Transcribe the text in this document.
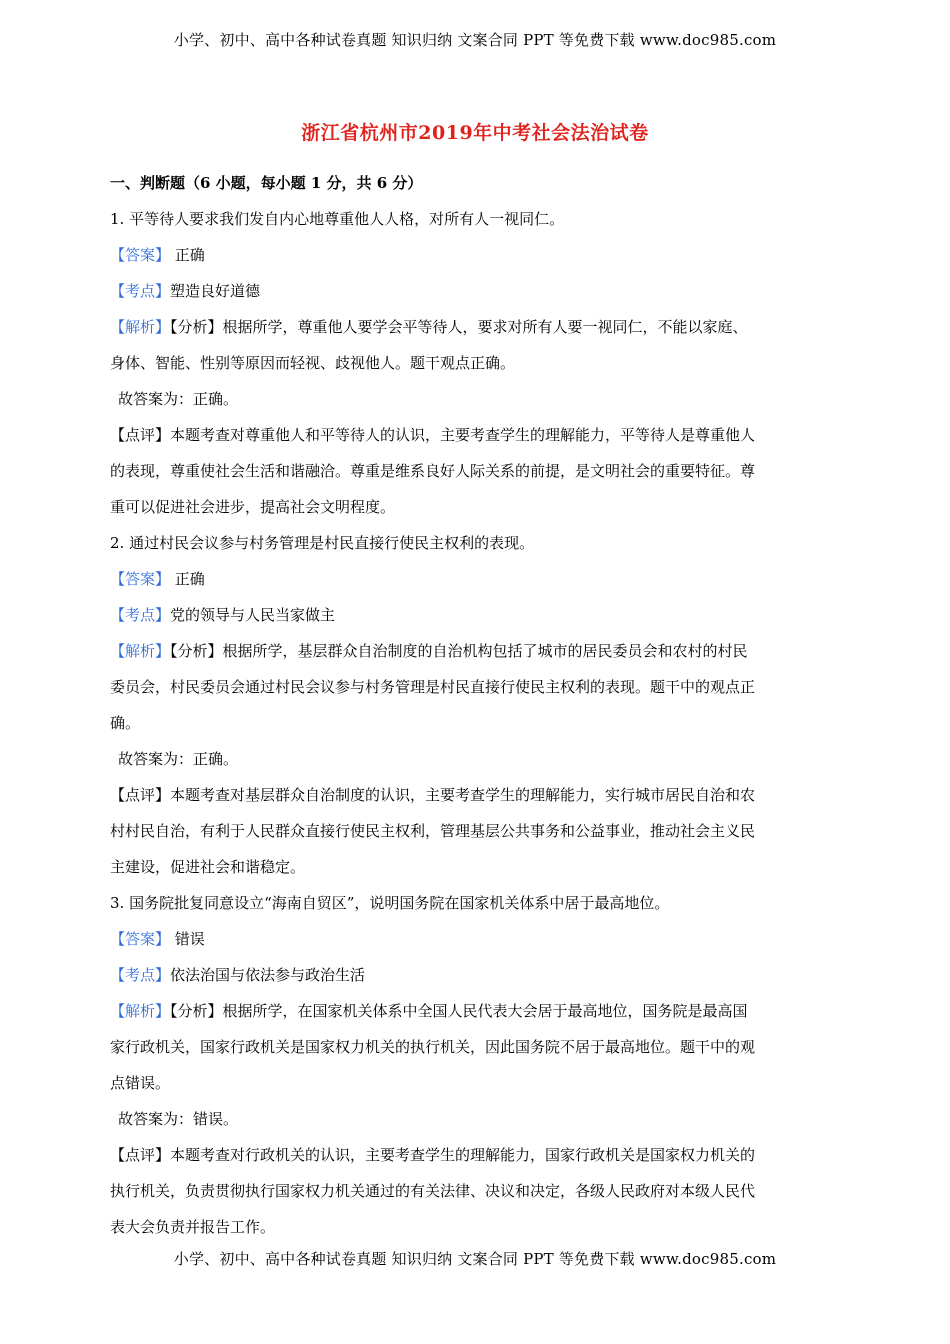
小学、初中、高中各种试卷真题 知识归纳 文案合同 PPT 等免费下载 www.doc985.com
浙江省杭州市2019年中考社会法治试卷
一、判断题（6 小题，每小题 1 分，共 6 分）
1. 平等待人要求我们发自内心地尊重他人人格，对所有人一视同仁。
【答案】 正确
【考点】塑造良好道德
【解析】【分析】根据所学，尊重他人要学会平等待人，要求对所有人要一视同仁，不能以家庭、
身体、智能、性别等原因而轻视、歧视他人。题干观点正确。
故答案为：正确。
【点评】本题考查对尊重他人和平等待人的认识，主要考查学生的理解能力，平等待人是尊重他人
的表现，尊重使社会生活和谐融洽。尊重是维系良好人际关系的前提，是文明社会的重要特征。尊
重可以促进社会进步，提高社会文明程度。
2. 通过村民会议参与村务管理是村民直接行使民主权利的表现。
【答案】 正确
【考点】党的领导与人民当家做主
【解析】【分析】根据所学，基层群众自治制度的自治机构包括了城市的居民委员会和农村的村民
委员会，村民委员会通过村民会议参与村务管理是村民直接行使民主权利的表现。题干中的观点正
确。
故答案为：正确。
【点评】本题考查对基层群众自治制度的认识，主要考查学生的理解能力，实行城市居民自治和农
村村民自治，有利于人民群众直接行使民主权利，管理基层公共事务和公益事业，推动社会主义民
主建设，促进社会和谐稳定。
3. 国务院批复同意设立“海南自贸区”，说明国务院在国家机关体系中居于最高地位。
【答案】 错误
【考点】依法治国与依法参与政治生活
【解析】【分析】根据所学，在国家机关体系中全国人民代表大会居于最高地位，国务院是最高国
家行政机关，国家行政机关是国家权力机关的执行机关，因此国务院不居于最高地位。题干中的观
点错误。
故答案为：错误。
【点评】本题考查对行政机关的认识，主要考查学生的理解能力，国家行政机关是国家权力机关的
执行机关，负责贯彻执行国家权力机关通过的有关法律、决议和决定，各级人民政府对本级人民代
表大会负责并报告工作。
小学、初中、高中各种试卷真题 知识归纳 文案合同 PPT 等免费下载 www.doc985.com
